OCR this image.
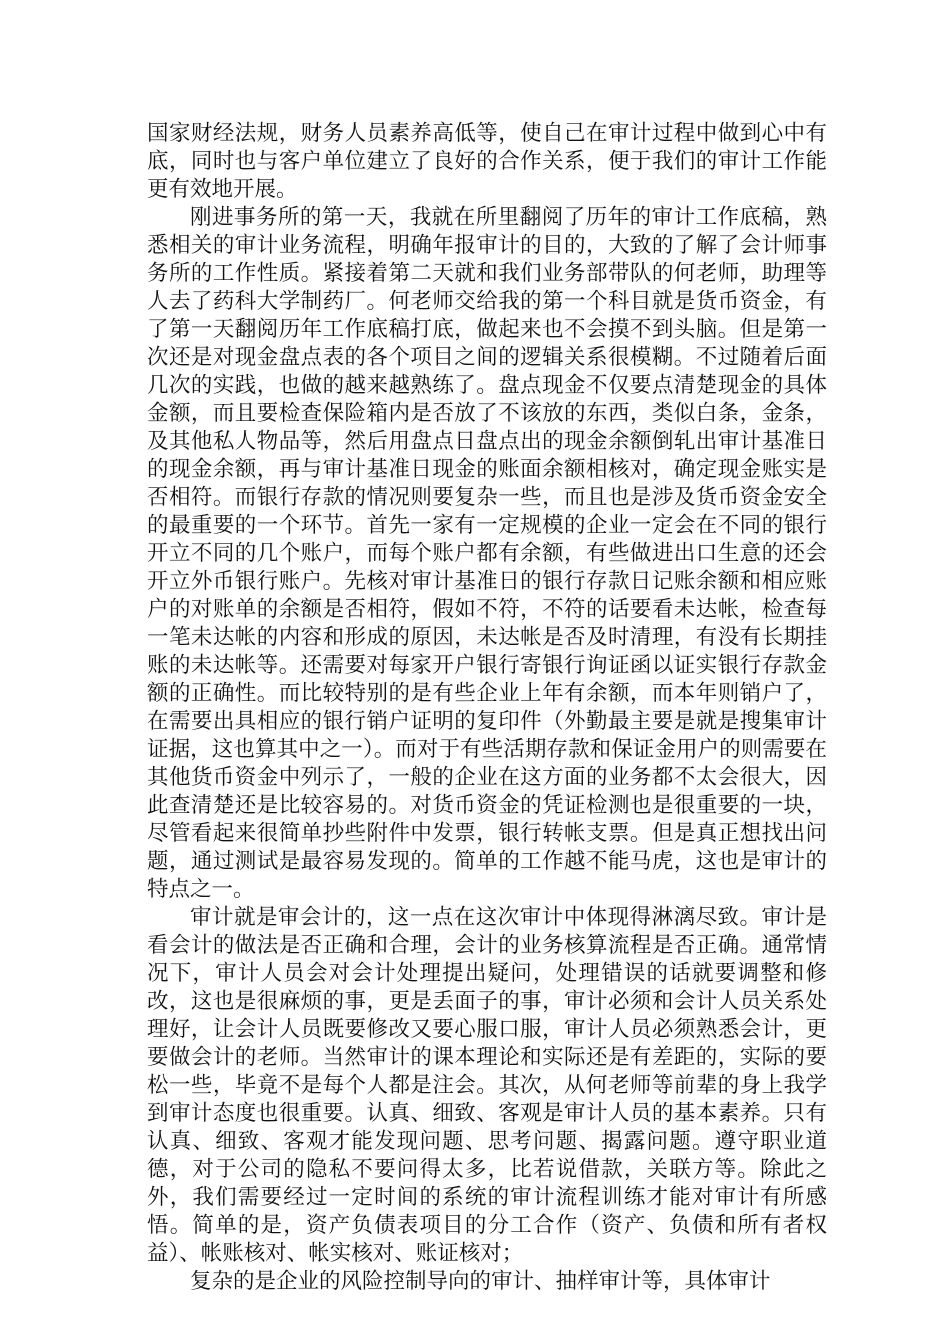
国家财经法规，财务人员素养高低等，使自己在审计过程中做到心中有底，同时也与客户单位建立了良好的合作关系，便于我们的审计工作能更有效地开展。

刚进事务所的第一天，我就在所里翻阅了历年的审计工作底稿，熟悉相关的审计业务流程，明确年报审计的目的，大致的了解了会计师事务所的工作性质。紧接着第二天就和我们业务部带队的何老师，助理等人去了药科大学制药厂。何老师交给我的第一个科目就是货币资金，有了第一天翻阅历年工作底稿打底，做起来也不会摸不到头脑。但是第一次还是对现金盘点表的各个项目之间的逻辑关系很模糊。不过随着后面几次的实践，也做的越来越熟练了。盘点现金不仅要点清楚现金的具体金额，而且要检查保险箱内是否放了不该放的东西，类似白条，金条，及其他私人物品等，然后用盘点日盘点出的现金余额倒轧出审计基准日的现金余额，再与审计基准日现金的账面余额相核对，确定现金账实是否相符。而银行存款的情况则要复杂一些，而且也是涉及货币资金安全的最重要的一个环节。首先一家有一定规模的企业一定会在不同的银行开立不同的几个账户，而每个账户都有余额，有些做进出口生意的还会开立外币银行账户。先核对审计基准日的银行存款日记账余额和相应账户的对账单的余额是否相符，假如不符，不符的话要看未达帐，检查每一笔未达帐的内容和形成的原因，未达帐是否及时清理，有没有长期挂账的未达帐等。还需要对每家开户银行寄银行询证函以证实银行存款金额的正确性。而比较特别的是有些企业上年有余额，而本年则销户了，在需要出具相应的银行销户证明的复印件（外勤最主要是就是搜集审计证据，这也算其中之一）。而对于有些活期存款和保证金用户的则需要在其他货币资金中列示了，一般的企业在这方面的业务都不太会很大，因此查清楚还是比较容易的。对货币资金的凭证检测也是很重要的一块，尽管看起来很简单抄些附件中发票，银行转帐支票。但是真正想找出问题，通过测试是最容易发现的。简单的工作越不能马虎，这也是审计的特点之一。

审计就是审会计的，这一点在这次审计中体现得淋漓尽致。审计是看会计的做法是否正确和合理，会计的业务核算流程是否正确。通常情况下，审计人员会对会计处理提出疑问，处理错误的话就要调整和修改，这也是很麻烦的事，更是丢面子的事，审计必须和会计人员关系处理好，让会计人员既要修改又要心服口服，审计人员必须熟悉会计，更要做会计的老师。当然审计的课本理论和实际还是有差距的，实际的要松一些，毕竟不是每个人都是注会。其次，从何老师等前辈的身上我学到审计态度也很重要。认真、细致、客观是审计人员的基本素养。只有认真、细致、客观才能发现问题、思考问题、揭露问题。遵守职业道德，对于公司的隐私不要问得太多，比若说借款，关联方等。除此之外，我们需要经过一定时间的系统的审计流程训练才能对审计有所感悟。简单的是，资产负债表项目的分工合作（资产、负债和所有者权益）、帐账核对、帐实核对、账证核对；

复杂的是企业的风险控制导向的审计、抽样审计等，具体审计
